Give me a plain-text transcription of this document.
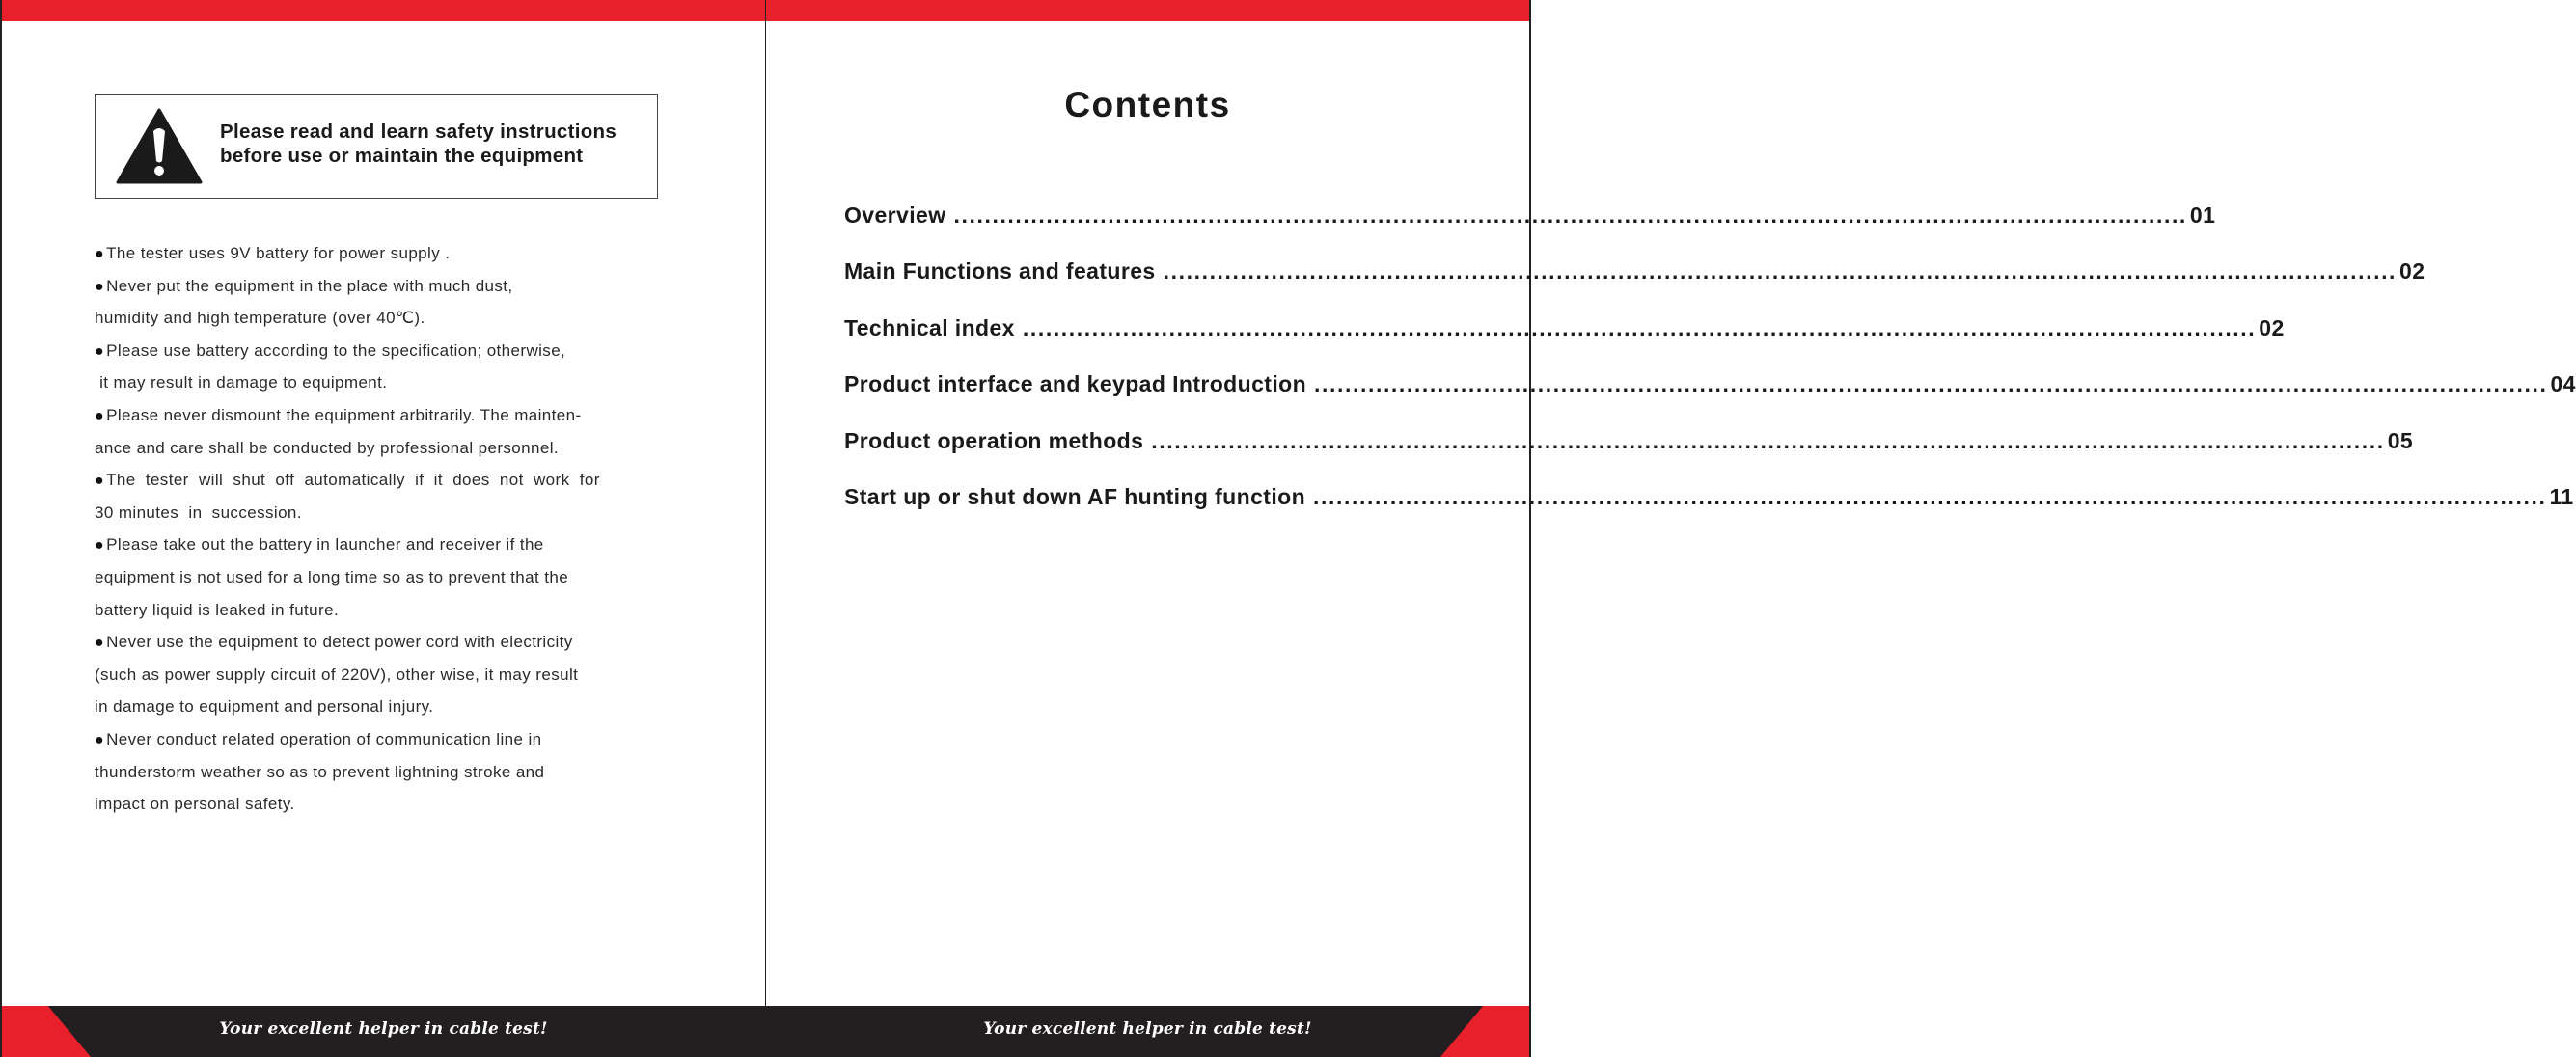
Please read and learn safety instructions
before use or maintain the equipment
● The tester uses 9V battery for power supply .
● Never put the equipment in the place with much dust,
humidity and high temperature (over 40℃).
● Please use battery according to the specification; otherwise,
it may result in damage to equipment.
● Please never dismount the equipment arbitrarily. The mainten-
ance and care shall be conducted by professional personnel.
● The  tester  will  shut  off  automatically  if  it  does  not  work  for
30 minutes  in  succession.
● Please take out the battery in launcher and receiver if the
equipment is not used for a long time so as to prevent that the
battery liquid is leaked in future.
● Never use the equipment to detect power cord with electricity
(such as power supply circuit of 220V), other wise, it may result
in damage to equipment and personal injury.
● Never conduct related operation of communication line in
thunderstorm weather so as to prevent lightning stroke and
impact on personal safety.
Your excellent helper in cable test!
Contents
Overview ................................................................................................................................................................ 01
Main Functions and features ................................................................................................................................................................ 02
Technical index ................................................................................................................................................................ 02
Product interface and keypad Introduction ................................................................................................................................................................ 04
Product operation methods ................................................................................................................................................................ 05
Start up or shut down AF hunting function ................................................................................................................................................................ 11
Your excellent helper in cable test!
